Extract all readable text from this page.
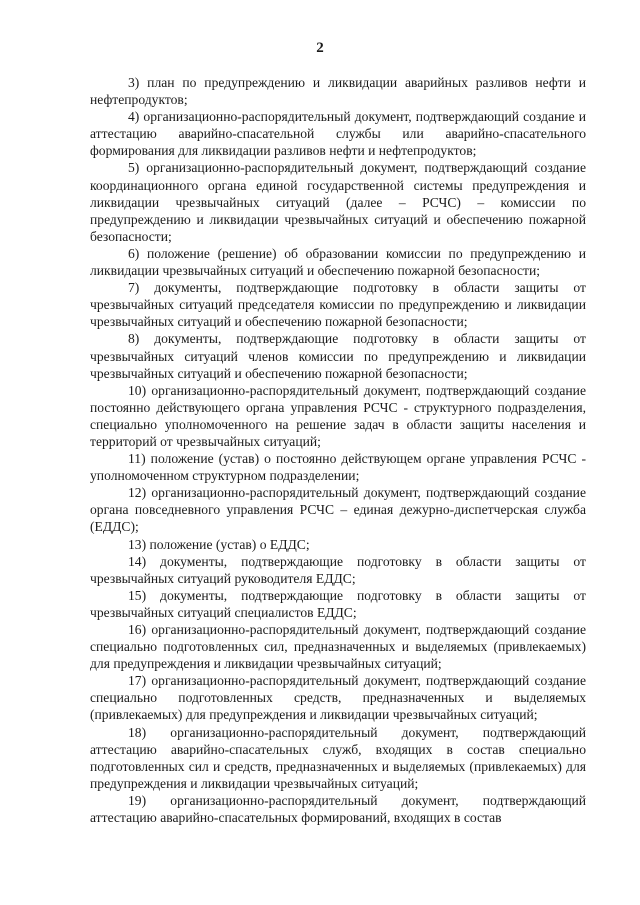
2

3) план по предупреждению и ликвидации аварийных разливов нефти и нефтепродуктов;

4) организационно-распорядительный документ, подтверждающий создание и аттестацию аварийно-спасательной службы или аварийно-спасательного формирования для ликвидации разливов нефти и нефтепродуктов;

5) организационно-распорядительный документ, подтверждающий создание координационного органа единой государственной системы предупреждения и ликвидации чрезвычайных ситуаций (далее – РСЧС) – комиссии по предупреждению и ликвидации чрезвычайных ситуаций и обеспечению пожарной безопасности;

6) положение (решение) об образовании комиссии по предупреждению и ликвидации чрезвычайных ситуаций и обеспечению пожарной безопасности;

7) документы, подтверждающие подготовку в области защиты от чрезвычайных ситуаций председателя комиссии по предупреждению и ликвидации чрезвычайных ситуаций и обеспечению пожарной безопасности;

8) документы, подтверждающие подготовку в области защиты от чрезвычайных ситуаций членов комиссии по предупреждению и ликвидации чрезвычайных ситуаций и обеспечению пожарной безопасности;

10) организационно-распорядительный документ, подтверждающий создание постоянно действующего органа управления РСЧС - структурного подразделения, специально уполномоченного на решение задач в области защиты населения и территорий от чрезвычайных ситуаций;

11) положение (устав) о постоянно действующем органе управления РСЧС - уполномоченном структурном подразделении;

12) организационно-распорядительный документ, подтверждающий создание органа повседневного управления РСЧС – единая дежурно-диспетчерская служба (ЕДДС);

13) положение (устав) о ЕДДС;

14) документы, подтверждающие подготовку в области защиты от чрезвычайных ситуаций руководителя ЕДДС;

15) документы, подтверждающие подготовку в области защиты от чрезвычайных ситуаций специалистов ЕДДС;

16) организационно-распорядительный документ, подтверждающий создание специально подготовленных сил, предназначенных и выделяемых (привлекаемых) для предупреждения и ликвидации чрезвычайных ситуаций;

17) организационно-распорядительный документ, подтверждающий создание специально подготовленных средств, предназначенных и выделяемых (привлекаемых) для предупреждения и ликвидации чрезвычайных ситуаций;

18) организационно-распорядительный документ, подтверждающий аттестацию аварийно-спасательных служб, входящих в состав специально подготовленных сил и средств, предназначенных и выделяемых (привлекаемых) для предупреждения и ликвидации чрезвычайных ситуаций;

19) организационно-распорядительный документ, подтверждающий аттестацию аварийно-спасательных формирований, входящих в состав
